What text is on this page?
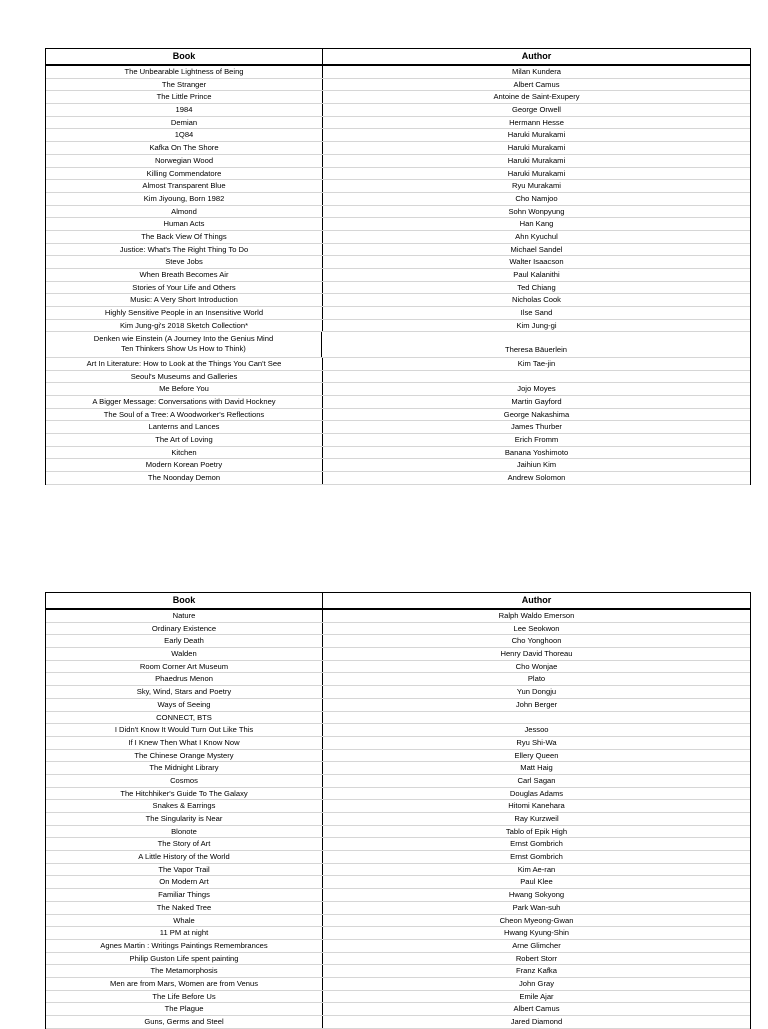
Book	Author
The Unbearable Lightness of Being	Milan Kundera
The Stranger	Albert Camus
The Little Prince	Antoine de Saint-Exupery
1984	George Orwell
Demian	Hermann Hesse
1Q84	Haruki Murakami
Kafka On The Shore	Haruki Murakami
Norwegian Wood	Haruki Murakami
Killing Commendatore	Haruki Murakami
Almost Transparent Blue	Ryu Murakami
Kim Jiyoung, Born 1982	Cho Namjoo
Almond	Sohn Wonpyung
Human Acts	Han Kang
The Back View Of Things	Ahn Kyuchul
Justice: What's The Right Thing To Do	Michael Sandel
Steve Jobs	Walter Isaacson
When Breath Becomes Air	Paul Kalanithi
Stories of Your Life and Others	Ted Chiang
Music: A Very Short Introduction	Nicholas Cook
Highly Sensitive People in an Insensitive World	Ilse Sand
Kim Jung-gi's 2018 Sketch Collection*	Kim Jung-gi
Denken wie Einstein (A Journey Into the Genius Mind
Ten Thinkers Show Us How to Think)	Theresa Bäuerlein
Art In Literature: How to Look at the Things You Can't See	Kim Tae-jin
Seoul's Museums and Galleries
Me Before You	Jojo Moyes
A Bigger Message: Conversations with David Hockney	Martin Gayford
The Soul of a Tree: A Woodworker's Reflections	George Nakashima
Lanterns and Lances	James Thurber
The Art of Loving	Erich Fromm
Kitchen	Banana Yoshimoto
Modern Korean Poetry	Jaihiun Kim
The Noonday Demon	Andrew Solomon
Book	Author
Nature	Ralph Waldo Emerson
Ordinary Existence	Lee Seokwon
Early Death	Cho Yonghoon
Walden	Henry David Thoreau
Room Corner Art Museum	Cho Wonjae
Phaedrus Menon	Plato
Sky, Wind, Stars and Poetry	Yun Dongju
Ways of Seeing	John Berger
CONNECT, BTS
I Didn't Know It Would Turn Out Like This	Jessoo
If I Knew Then What I Know Now	Ryu Shi-Wa
The Chinese Orange Mystery	Ellery Queen
The Midnight Library	Matt Haig
Cosmos	Carl Sagan
The Hitchhiker's Guide To The Galaxy	Douglas Adams
Snakes & Earrings	Hitomi Kanehara
The Singularity is Near	Ray Kurzweil
Blonote	Tablo of Epik High
The Story of Art	Ernst Gombrich
A Little History of the World	Ernst Gombrich
The Vapor Trail	Kim Ae-ran
On Modern Art	Paul Klee
Familiar Things	Hwang Sokyong
The Naked Tree	Park Wan-suh
Whale	Cheon Myeong-Gwan
11 PM at night	Hwang Kyung-Shin
Agnes Martin : Writings Paintings Remembrances	Arne Glimcher
Philip Guston Life spent painting	Robert Storr
The Metamorphosis	Franz Kafka
Men are from Mars, Women are from Venus	John Gray
The Life Before Us	Emile Ajar
The Plague	Albert Camus
Guns, Germs and Steel	Jared Diamond
